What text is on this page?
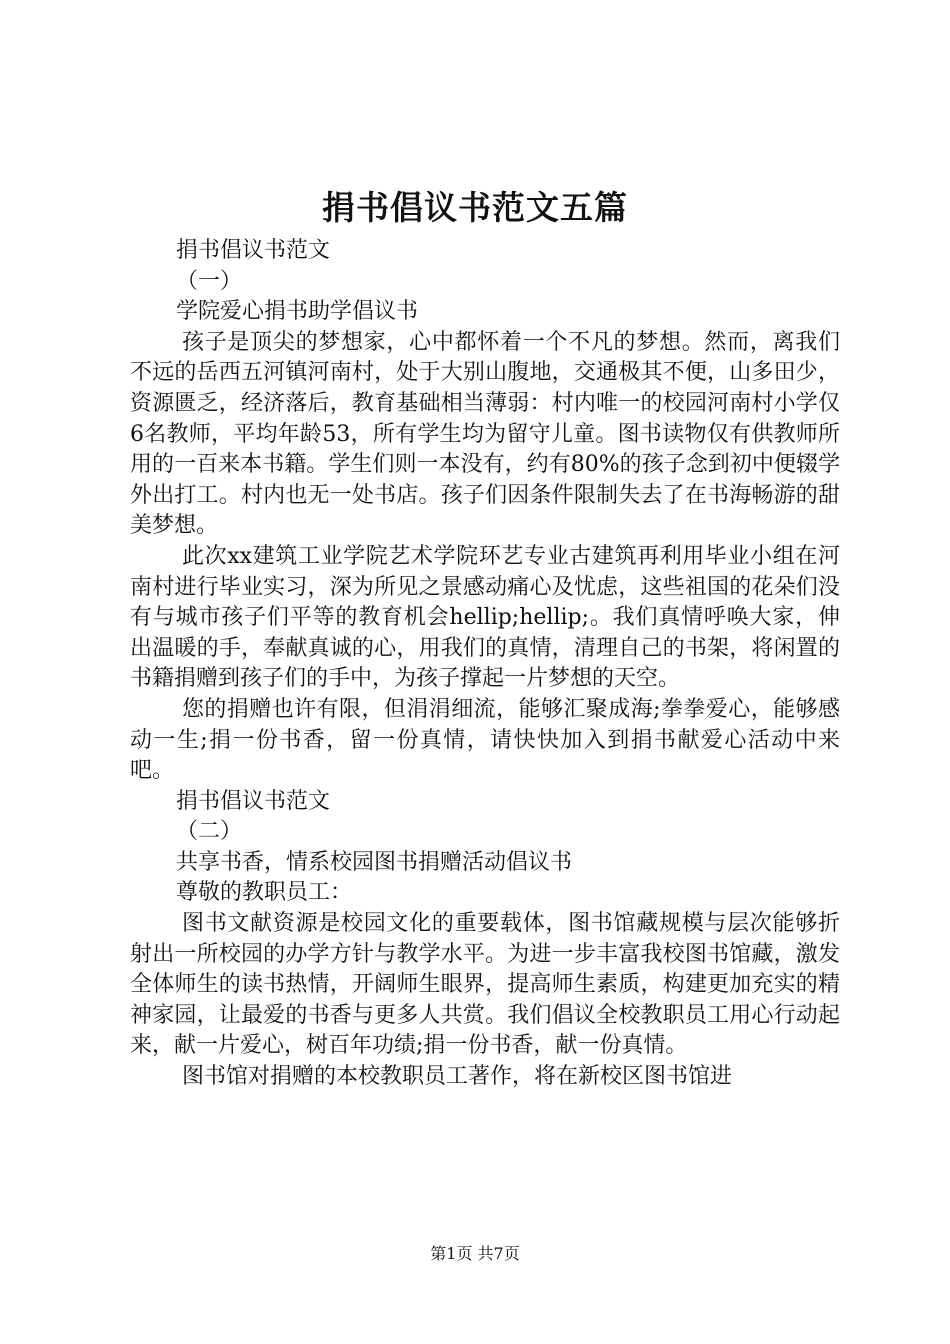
捐书倡议书范文五篇
捐书倡议书范文
（一）
学院爱心捐书助学倡议书
孩子是顶尖的梦想家，心中都怀着一个不凡的梦想。然而，离我们不远的岳西五河镇河南村，处于大别山腹地，交通极其不便，山多田少，资源匮乏，经济落后，教育基础相当薄弱：村内唯一的校园河南村小学仅6名教师，平均年龄53，所有学生均为留守儿童。图书读物仅有供教师所用的一百来本书籍。学生们则一本没有，约有80%的孩子念到初中便辍学外出打工。村内也无一处书店。孩子们因条件限制失去了在书海畅游的甜美梦想。
此次xx建筑工业学院艺术学院环艺专业古建筑再利用毕业小组在河南村进行毕业实习，深为所见之景感动痛心及忧虑，这些祖国的花朵们没有与城市孩子们平等的教育机会hellip;hellip;。我们真情呼唤大家，伸出温暖的手，奉献真诚的心，用我们的真情，清理自己的书架，将闲置的书籍捐赠到孩子们的手中，为孩子撑起一片梦想的天空。
您的捐赠也许有限，但涓涓细流，能够汇聚成海;拳拳爱心，能够感动一生;捐一份书香，留一份真情，请快快加入到捐书献爱心活动中来吧。
捐书倡议书范文
（二）
共享书香，情系校园图书捐赠活动倡议书
尊敬的教职员工：
图书文献资源是校园文化的重要载体，图书馆藏规模与层次能够折射出一所校园的办学方针与教学水平。为进一步丰富我校图书馆藏，激发全体师生的读书热情，开阔师生眼界，提高师生素质，构建更加充实的精神家园，让最爱的书香与更多人共赏。我们倡议全校教职员工用心行动起来，献一片爱心，树百年功绩;捐一份书香，献一份真情。
图书馆对捐赠的本校教职员工著作，将在新校区图书馆进
第1页 共7页
